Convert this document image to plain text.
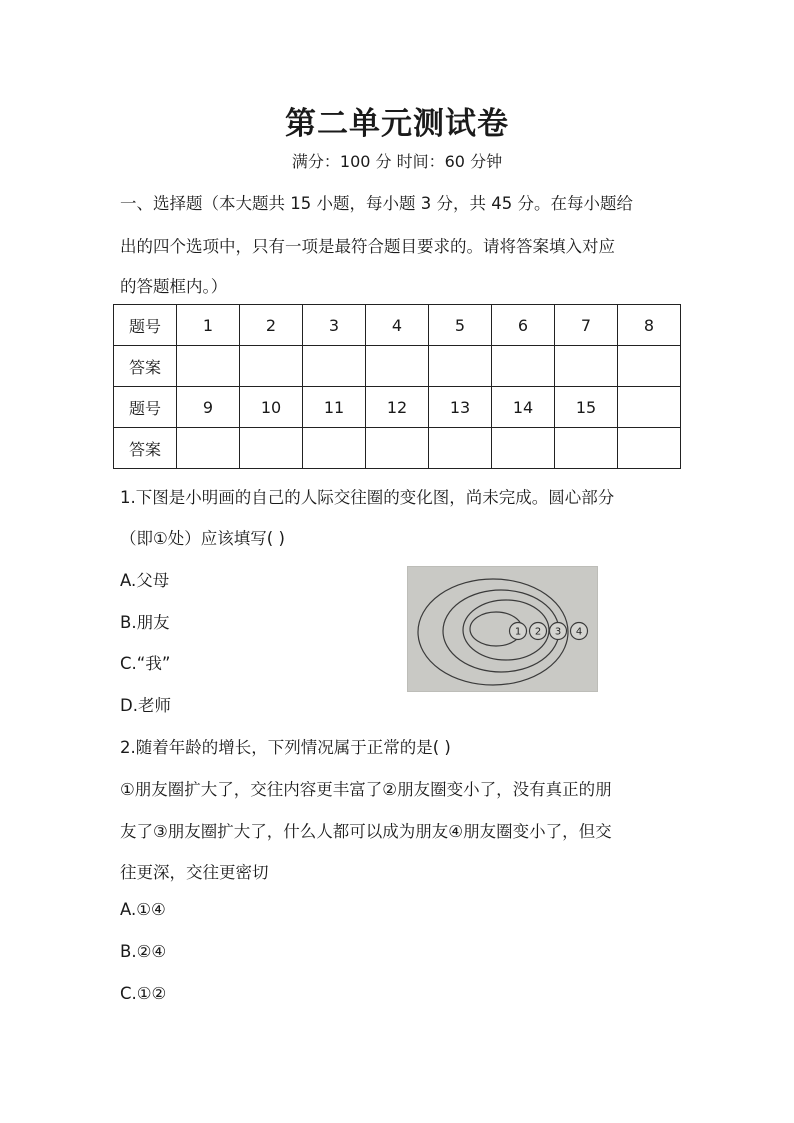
第二单元测试卷
满分：100 分 时间：60 分钟
一、选择题（本大题共 15 小题，每小题 3 分，共 45 分。在每小题给
出的四个选项中，只有一项是最符合题目要求的。请将答案填入对应
的答题框内。）
题号	1	2	3	4	5	6	7	8
答案								
题号	9	10	11	12	13	14	15	
答案								
1.下图是小明画的自己的人际交往圈的变化图，尚未完成。圆心部分
（即①处）应该填写( )
A.父母
B.朋友
C.“我”
D.老师
1 2 3 4
2.随着年龄的增长，下列情况属于正常的是( )
①朋友圈扩大了，交往内容更丰富了②朋友圈变小了，没有真正的朋
友了③朋友圈扩大了，什么人都可以成为朋友④朋友圈变小了，但交
往更深，交往更密切
A.①④
B.②④
C.①②
